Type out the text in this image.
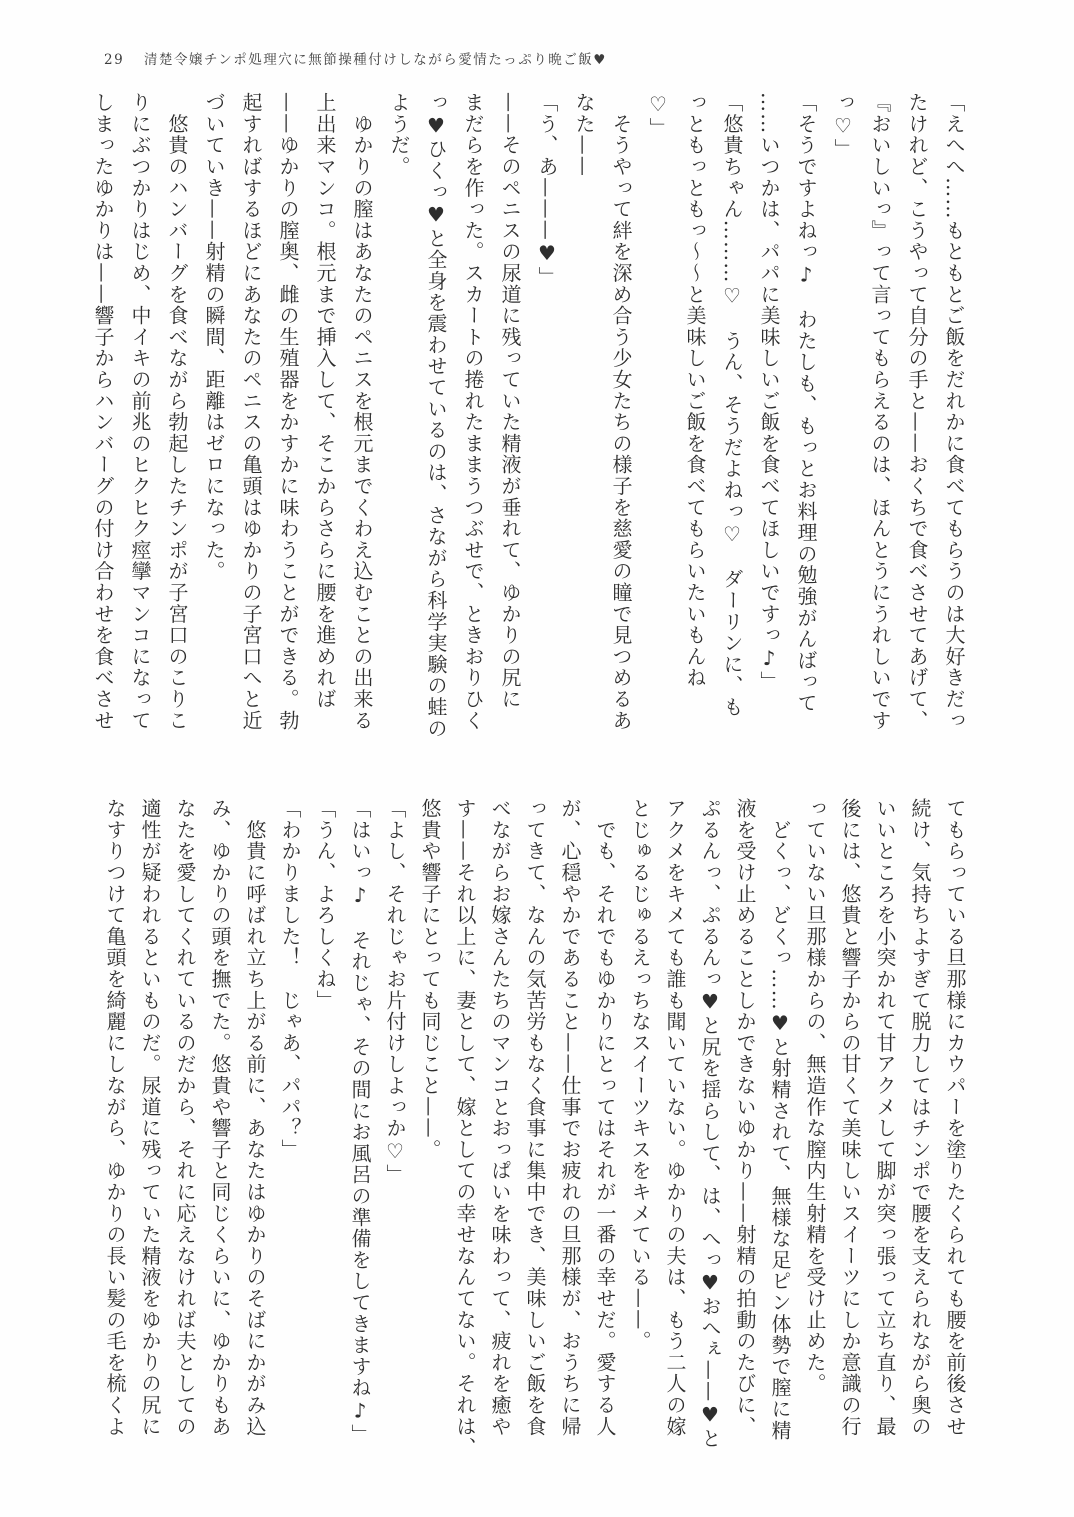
29 清楚令嬢チンポ処理穴に無節操種付けしながら愛情たっぷり晩ご飯♥

「えへへ……もともとご飯をだれかに食べてもらうのは大好きだっ

たけれど、こうやって自分の手と——おくちで食べさせてあげて、

『おいしいっ』って言ってもらえるのは、ほんとうにうれしいです

っ♡」

「そうですよねっ♪　わたしも、もっとお料理の勉強がんばって

……いつかは、パパに美味しいご飯を食べてほしいですっ♪」

「悠貴ちゃん………♡　うん、そうだよねっ♡　ダーリンに、も

っともっともっ～～と美味しいご飯を食べてもらいたいもんね

♡」

　そうやって絆を深め合う少女たちの様子を慈愛の瞳で見つめるあ

なた——

「う、あ———♥」

——そのペニスの尿道に残っていた精液が垂れて、ゆかりの尻に

まだらを作った。スカートの捲れたままうつぶせで、ときおりひく

っ♥ひくっ♥と全身を震わせているのは、さながら科学実験の蛙の

ようだ。

　ゆかりの膣はあなたのペニスを根元までくわえ込むことの出来る

上出来マンコ。根元まで挿入して、そこからさらに腰を進めれば

——ゆかりの膣奥、雌の生殖器をかすかに味わうことができる。勃

起すればするほどにあなたのペニスの亀頭はゆかりの子宮口へと近

づいていき——射精の瞬間、距離はゼロになった。

　悠貴のハンバーグを食べながら勃起したチンポが子宮口のこりこ

りにぶつかりはじめ、中イキの前兆のヒクヒク痙攣マンコになって

しまったゆかりは——響子からハンバーグの付け合わせを食べさせ

てもらっている旦那様にカウパーを塗りたくられても腰を前後させ

続け、気持ちよすぎて脱力してはチンポで腰を支えられながら奥の

いいところを小突かれて甘アクメして脚が突っ張って立ち直り、最

後には、悠貴と響子からの甘くて美味しいスイーツにしか意識の行

っていない旦那様からの、無造作な膣内生射精を受け止めた。

　どくっ、どくっ……♥と射精されて、無様な足ピン体勢で膣に精

液を受け止めることしかできないゆかり——射精の拍動のたびに、

ぷるんっ、ぷるんっ♥と尻を揺らして、は、へっ♥おへぇ——♥と

アクメをキメても誰も聞いていない。ゆかりの夫は、もう二人の嫁

とじゅるじゅるえっちなスイーツキスをキメている——。

　でも、それでもゆかりにとってはそれが一番の幸せだ。愛する人

が、心穏やかであること——仕事でお疲れの旦那様が、おうちに帰

ってきて、なんの気苦労もなく食事に集中でき、美味しいご飯を食

べながらお嫁さんたちのマンコとおっぱいを味わって、疲れを癒や

す——それ以上に、妻として、嫁としての幸せなんてない。それは、

悠貴や響子にとっても同じこと——。

「よし、それじゃお片付けしよっか♡」

「はいっ♪　それじゃ、その間にお風呂の準備をしてきますね♪」

「うん、よろしくね」

「わかりました！　じゃあ、パパ？」

　悠貴に呼ばれ立ち上がる前に、あなたはゆかりのそばにかがみ込

み、ゆかりの頭を撫でた。悠貴や響子と同じくらいに、ゆかりもあ

なたを愛してくれているのだから、それに応えなければ夫としての

適性が疑われるといものだ。尿道に残っていた精液をゆかりの尻に

なすりつけて亀頭を綺麗にしながら、ゆかりの長い髪の毛を梳くよ
